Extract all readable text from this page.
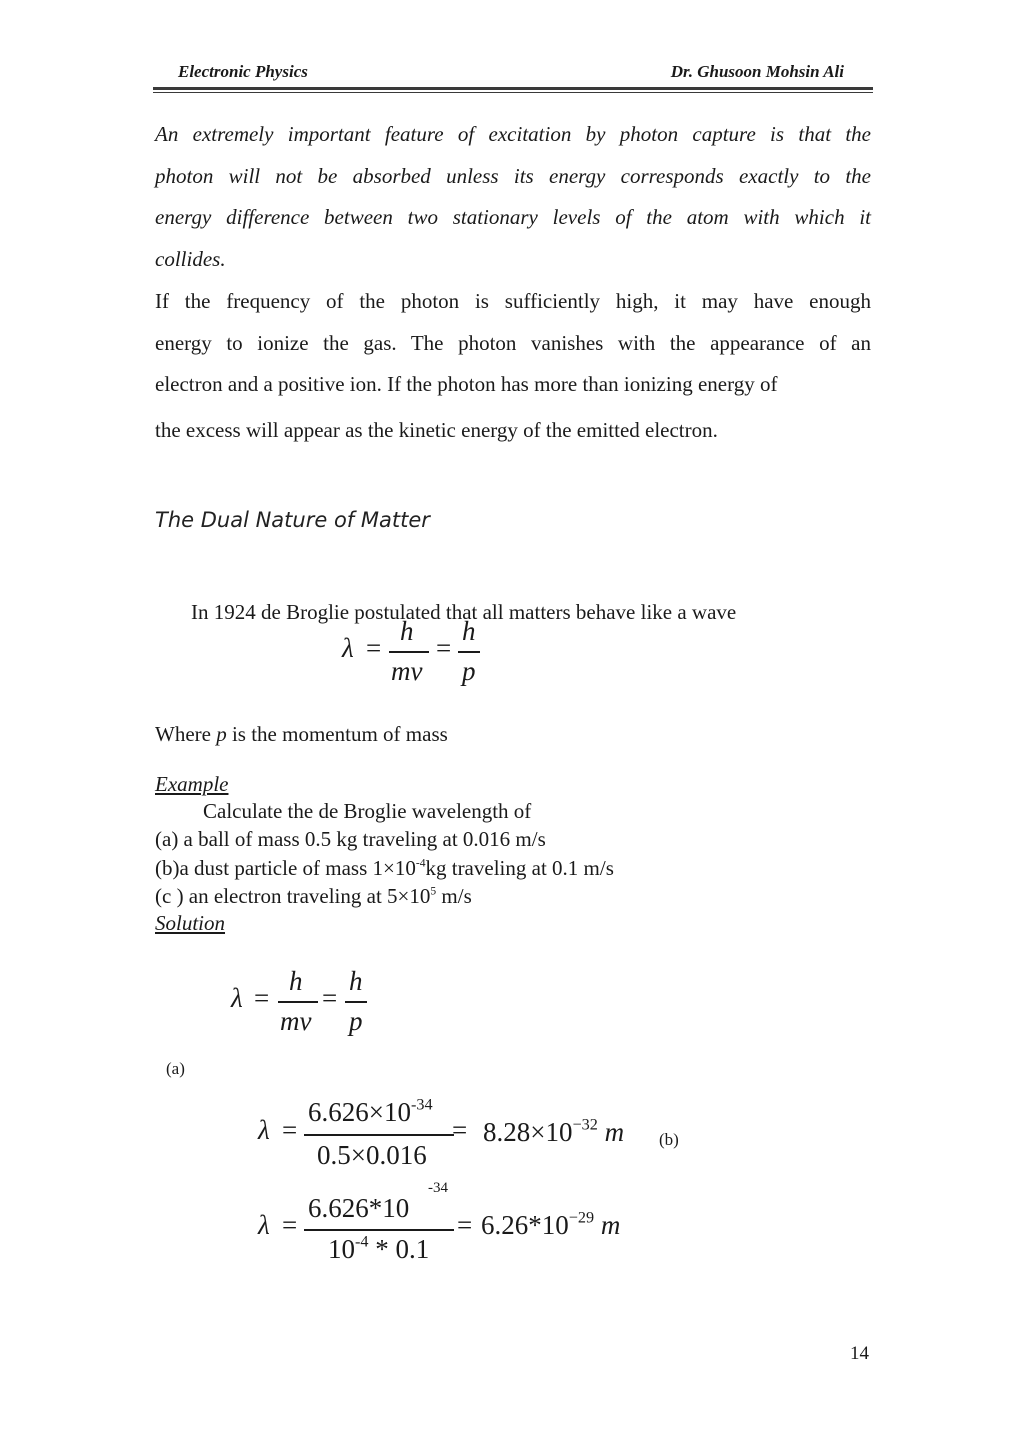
Electronic Physics	Dr. Ghusoon Mohsin Ali
An extremely important feature of excitation by photon capture is that the
photon will not be absorbed unless its energy corresponds exactly to the
energy difference between two stationary levels of the atom with which it
collides.
If the frequency of the photon is sufficiently high, it may have enough
energy to ionize the gas. The photon vanishes with the appearance of an
electron and a positive ion. If the photon has more than ionizing energy of
the excess will appear as the kinetic energy of the emitted electron.
The Dual Nature of Matter
In 1924 de Broglie postulated that all matters behave like a wave
λ =
h
mv
=
h
p
Where p is the momentum of mass
Example
Calculate the de Broglie wavelength of
(a) a ball of mass 0.5 kg traveling at 0.016 m/s
(b)a dust particle of mass $1\times 10^{-4}kg$ traveling at 0.1 m/s
(c ) an electron traveling at $5\times 10^5$ m/s
Solution
λ =
h
mv
=
h
p
(a)
λ =
$6.626\times 10^{-34}$
0.5×0.016
= $8.28\times 10^{-32}$ m (b)
λ =
6.626*10
-34
$10^{-4} * 0.1$
= $6.26*10^{-29}$ m
14
